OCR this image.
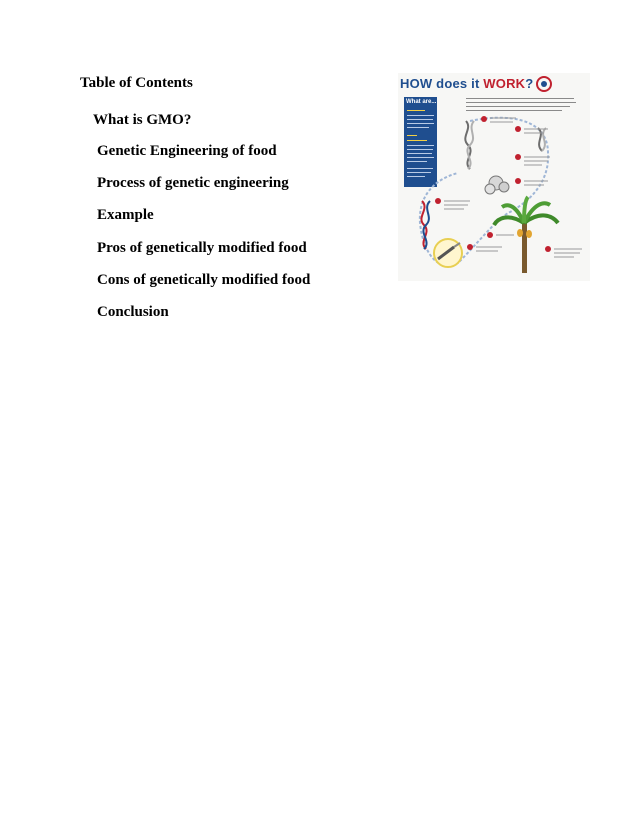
Table of Contents
What is GMO?
Genetic Engineering of food
Process of genetic engineering
Example
Pros of genetically modified food
Cons of genetically modified food
Conclusion
HOW does it WORK?
What are...
